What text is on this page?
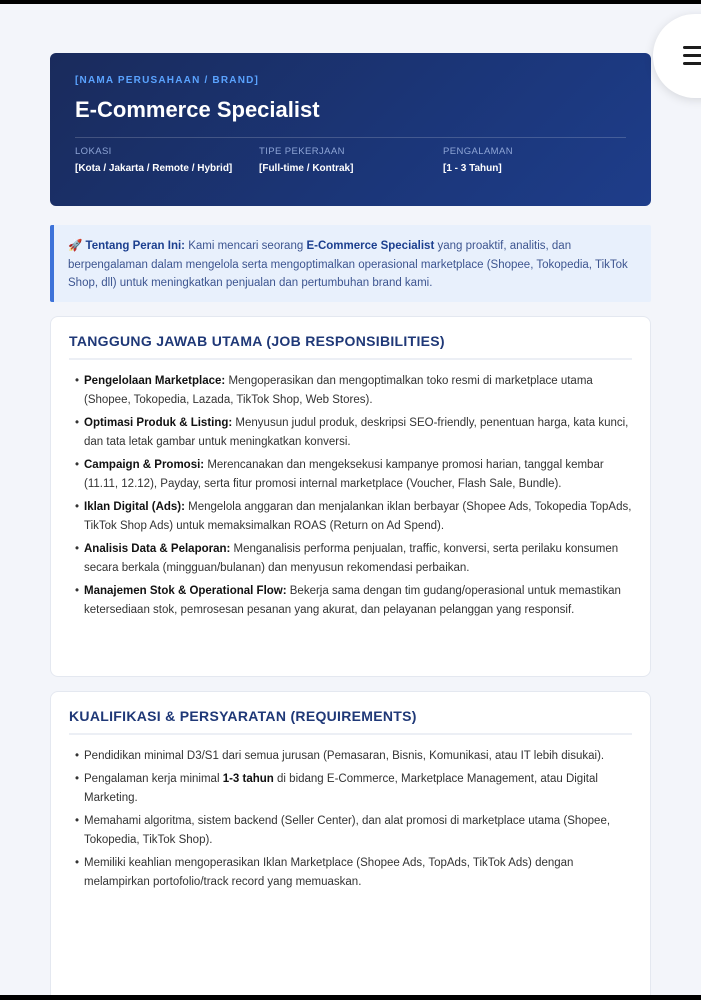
[NAMA PERUSAHAAN / BRAND]
E-Commerce Specialist
LOKASI
[Kota / Jakarta / Remote / Hybrid]
TIPE PEKERJAAN
[Full-time / Kontrak]
PENGALAMAN
[1 - 3 Tahun]
🚀 Tentang Peran Ini: Kami mencari seorang E-Commerce Specialist yang proaktif, analitis, dan berpengalaman dalam mengelola serta mengoptimalkan operasional marketplace (Shopee, Tokopedia, TikTok Shop, dll) untuk meningkatkan penjualan dan pertumbuhan brand kami.
TANGGUNG JAWAB UTAMA (JOB RESPONSIBILITIES)
• Pengelolaan Marketplace: Mengoperasikan dan mengoptimalkan toko resmi di marketplace utama (Shopee, Tokopedia, Lazada, TikTok Shop, Web Stores).
• Optimasi Produk & Listing: Menyusun judul produk, deskripsi SEO-friendly, penentuan harga, kata kunci, dan tata letak gambar untuk meningkatkan konversi.
• Campaign & Promosi: Merencanakan dan mengeksekusi kampanye promosi harian, tanggal kembar (11.11, 12.12), Payday, serta fitur promosi internal marketplace (Voucher, Flash Sale, Bundle).
• Iklan Digital (Ads): Mengelola anggaran dan menjalankan iklan berbayar (Shopee Ads, Tokopedia TopAds, TikTok Shop Ads) untuk memaksimalkan ROAS (Return on Ad Spend).
• Analisis Data & Pelaporan: Menganalisis performa penjualan, traffic, konversi, serta perilaku konsumen secara berkala (mingguan/bulanan) dan menyusun rekomendasi perbaikan.
• Manajemen Stok & Operational Flow: Bekerja sama dengan tim gudang/operasional untuk memastikan ketersediaan stok, pemrosesan pesanan yang akurat, dan pelayanan pelanggan yang responsif.
KUALIFIKASI & PERSYARATAN (REQUIREMENTS)
• Pendidikan minimal D3/S1 dari semua jurusan (Pemasaran, Bisnis, Komunikasi, atau IT lebih disukai).
• Pengalaman kerja minimal 1-3 tahun di bidang E-Commerce, Marketplace Management, atau Digital Marketing.
• Memahami algoritma, sistem backend (Seller Center), dan alat promosi di marketplace utama (Shopee, Tokopedia, TikTok Shop).
• Memiliki keahlian mengoperasikan Iklan Marketplace (Shopee Ads, TopAds, TikTok Ads) dengan melampirkan portofolio/track record yang memuaskan.
